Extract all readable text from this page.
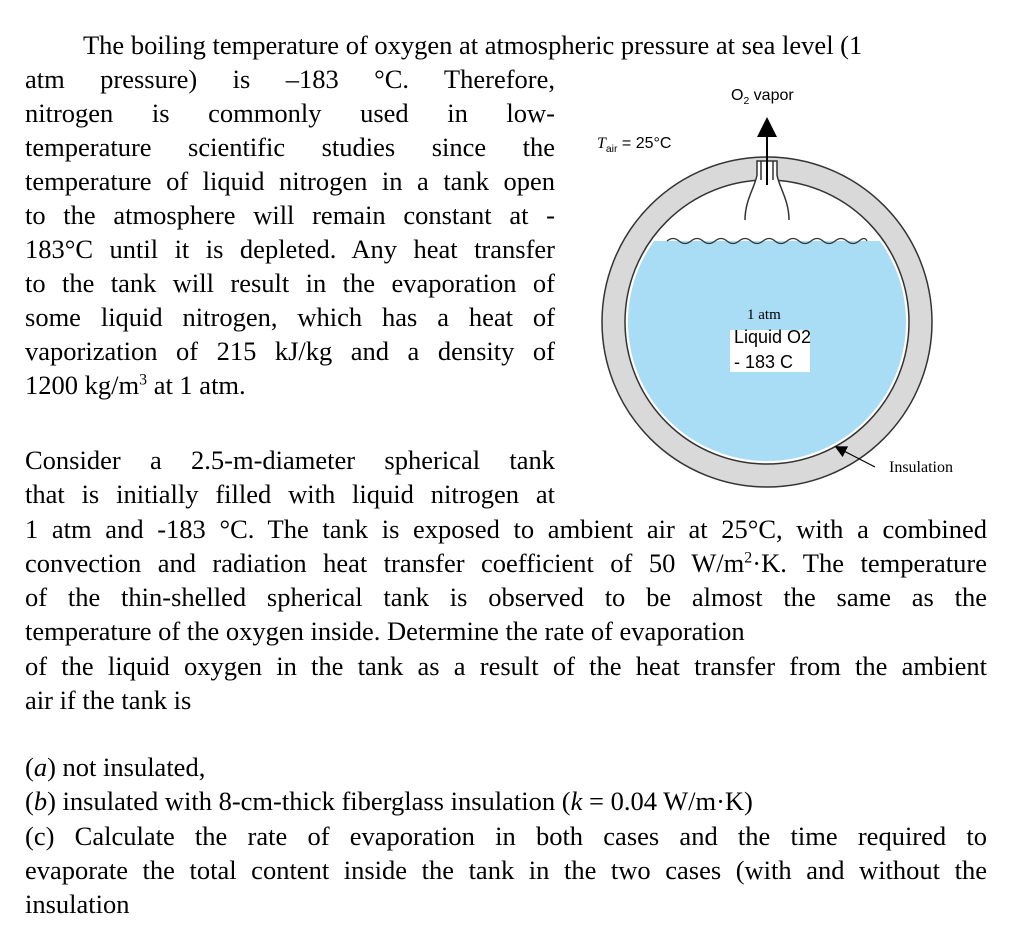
The boiling temperature of oxygen at atmospheric pressure at sea level (1
atm pressure) is –183 °C. Therefore,
nitrogen is commonly used in low-
temperature scientific studies since the
temperature of liquid nitrogen in a tank open
to the atmosphere will remain constant at -
183°C until it is depleted. Any heat transfer
to the tank will result in the evaporation of
some liquid nitrogen, which has a heat of
vaporization of 215 kJ/kg and a density of
1200 $kg/m^3$ at 1 atm.
Consider a 2.5-m-diameter spherical tank
that is initially filled with liquid nitrogen at
1 atm and -183 °C. The tank is exposed to ambient air at 25°C, with a combined
convection and radiation heat transfer coefficient of 50 $W/m^2\cdot K$. The temperature
of the thin-shelled spherical tank is observed to be almost the same as the
temperature of the oxygen inside. Determine the rate of evaporation
of the liquid oxygen in the tank as a result of the heat transfer from the ambient
air if the tank is
(a) not insulated,
(b) insulated with 8-cm-thick fiberglass insulation (k = 0.04 W/m·K)
(c) Calculate the rate of evaporation in both cases and the time required to
evaporate the total content inside the tank in the two cases (with and without the
insulation
$O_2$ vapor
$T_{air} = 25^\circ C$
1 atm
Liquid O2
- 183 C
Insulation
